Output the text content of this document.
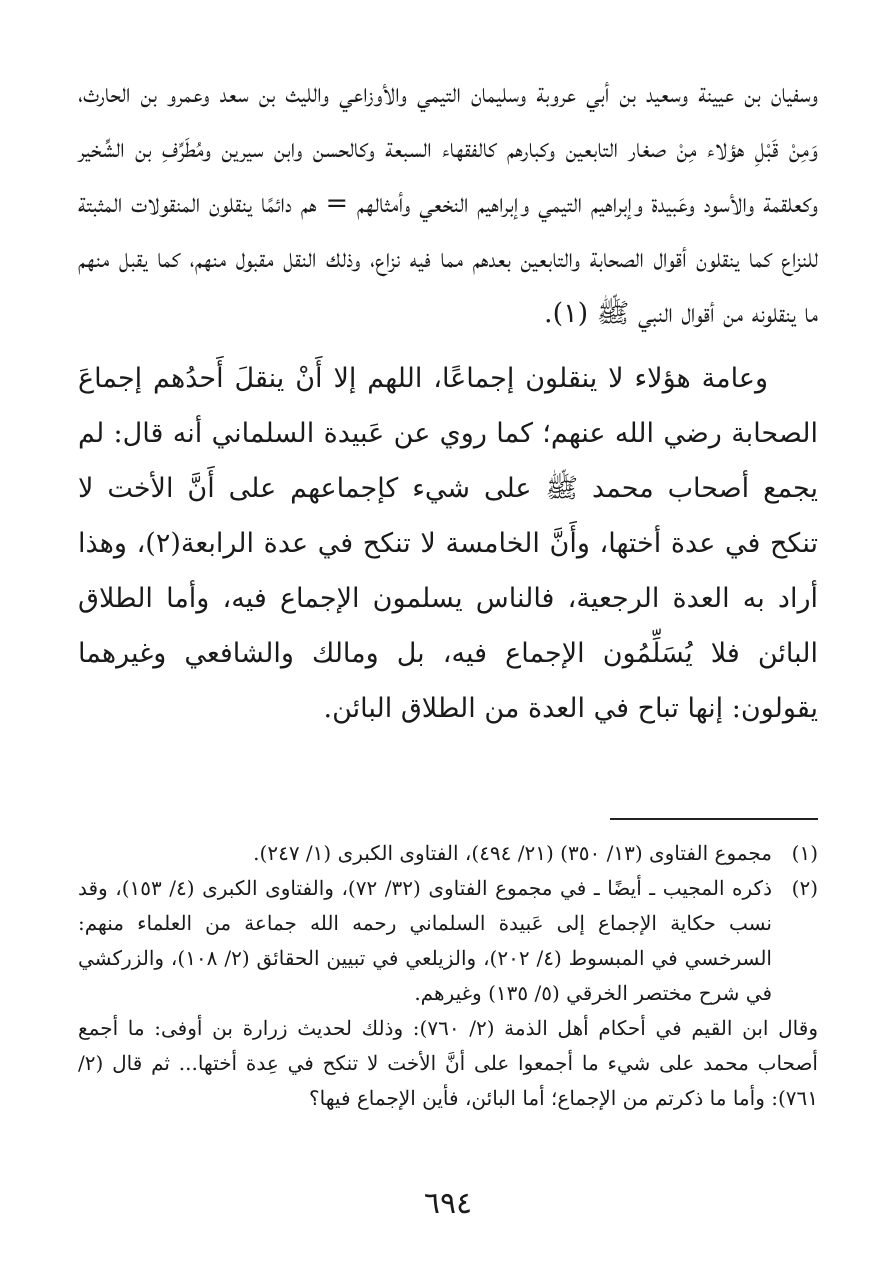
وسفيان بن عيينة وسعيد بن أبي عروبة وسليمان التيمي والأوزاعي والليث بن سعد وعمرو بن الحارث، وَمِنْ قَبْلِ هؤلاء مِنْ صغار التابعين وكبارهم كالفقهاء السبعة وكالحسن وابن سيرين ومُطَرِّفِ بن الشِّخير وكعلقمة والأسود وعَبيدة وإبراهيم التيمي وإبراهيم النخعي وأمثالهم = هم دائمًا ينقلون المنقولات المثبتة للنزاع كما ينقلون أقوال الصحابة والتابعين بعدهم مما فيه نزاع، وذلك النقل مقبول منهم، كما يقبل منهم ما ينقلونه من أقوال النبي ﷺ (١).

وعامة هؤلاء لا ينقلون إجماعًا، اللهم إلا أَنْ ينقلَ أَحدُهم إجماعَ الصحابة رضي الله عنهم؛ كما روي عن عَبيدة السلماني أنه قال: لم يجمع أصحاب محمد ﷺ على شيء كإجماعهم على أَنَّ الأخت لا تنكح في عدة أختها، وأَنَّ الخامسة لا تنكح في عدة الرابعة(٢)، وهذا أراد به العدة الرجعية، فالناس يسلمون الإجماع فيه، وأما الطلاق البائن فلا يُسَلِّمُون الإجماع فيه، بل ومالك والشافعي وغيرهما يقولون: إنها تباح في العدة من الطلاق البائن.

(١)
مجموع الفتاوى (١٣/ ٣٥٠) (٢١/ ٤٩٤)، الفتاوى الكبرى (١/ ٢٤٧).

(٢)
ذكره المجيب ـ أيضًا ـ في مجموع الفتاوى (٣٢/ ٧٢)، والفتاوى الكبرى (٤/ ١٥٣)، وقد نسب حكاية الإجماع إلى عَبيدة السلماني رحمه الله جماعة من العلماء منهم: السرخسي في المبسوط (٤/ ٢٠٢)، والزيلعي في تبيين الحقائق (٢/ ١٠٨)، والزركشي في شرح مختصر الخرقي (٥/ ١٣٥) وغيرهم.

وقال ابن القيم في أحكام أهل الذمة (٢/ ٧٦٠): وذلك لحديث زرارة بن أوفى: ما أجمع أصحاب محمد على شيء ما أجمعوا على أنَّ الأخت لا تنكح في عِدة أختها... ثم قال (٢/ ٧٦١): وأما ما ذكرتم من الإجماع؛ أما البائن، فأين الإجماع فيها؟

٦٩٤
